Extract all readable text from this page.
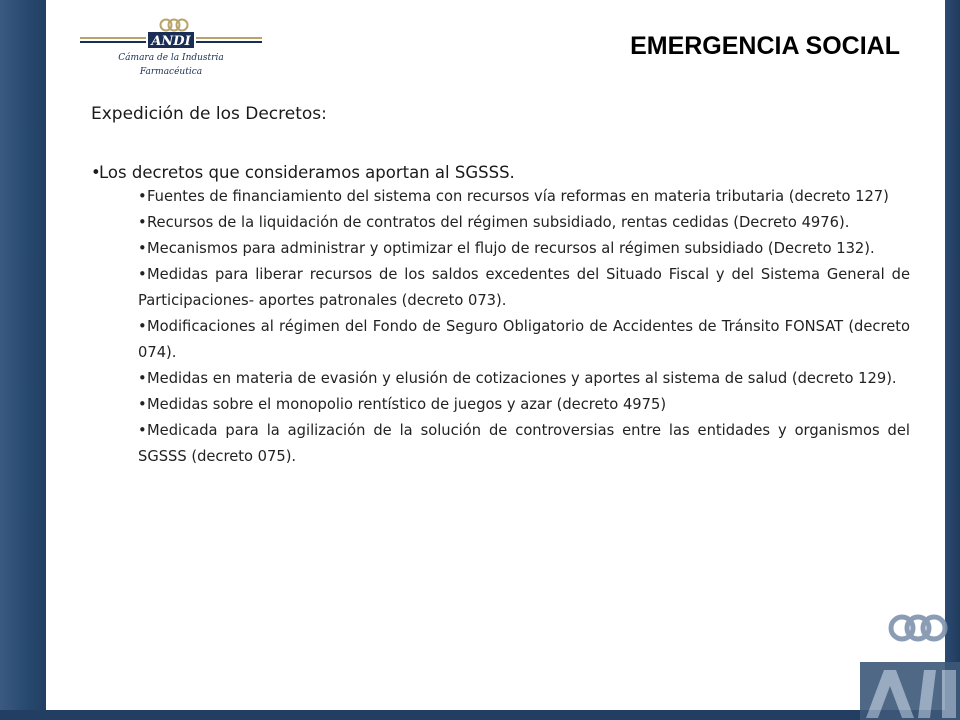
ANDI
Cámara de la Industria
Farmacéutica
EMERGENCIA SOCIAL
Expedición de los Decretos:
•Los decretos que consideramos aportan al SGSSS.
•Fuentes de financiamiento del sistema con recursos vía reformas en materia tributaria (decreto 127)
•Recursos de la liquidación de contratos del régimen subsidiado, rentas cedidas (Decreto 4976).
•Mecanismos para administrar y optimizar el flujo de recursos al régimen subsidiado (Decreto 132).
•Medidas para liberar recursos de los saldos excedentes del Situado Fiscal y del Sistema General de Participaciones- aportes patronales (decreto 073).
•Modificaciones al régimen del Fondo de Seguro Obligatorio de Accidentes de Tránsito FONSAT (decreto 074).
•Medidas en materia de evasión y elusión de cotizaciones y aportes al sistema de salud (decreto 129).
•Medidas sobre el monopolio rentístico de juegos y azar (decreto 4975)
•Medicada para la agilización de la solución de controversias entre las entidades y organismos del SGSSS (decreto 075).
